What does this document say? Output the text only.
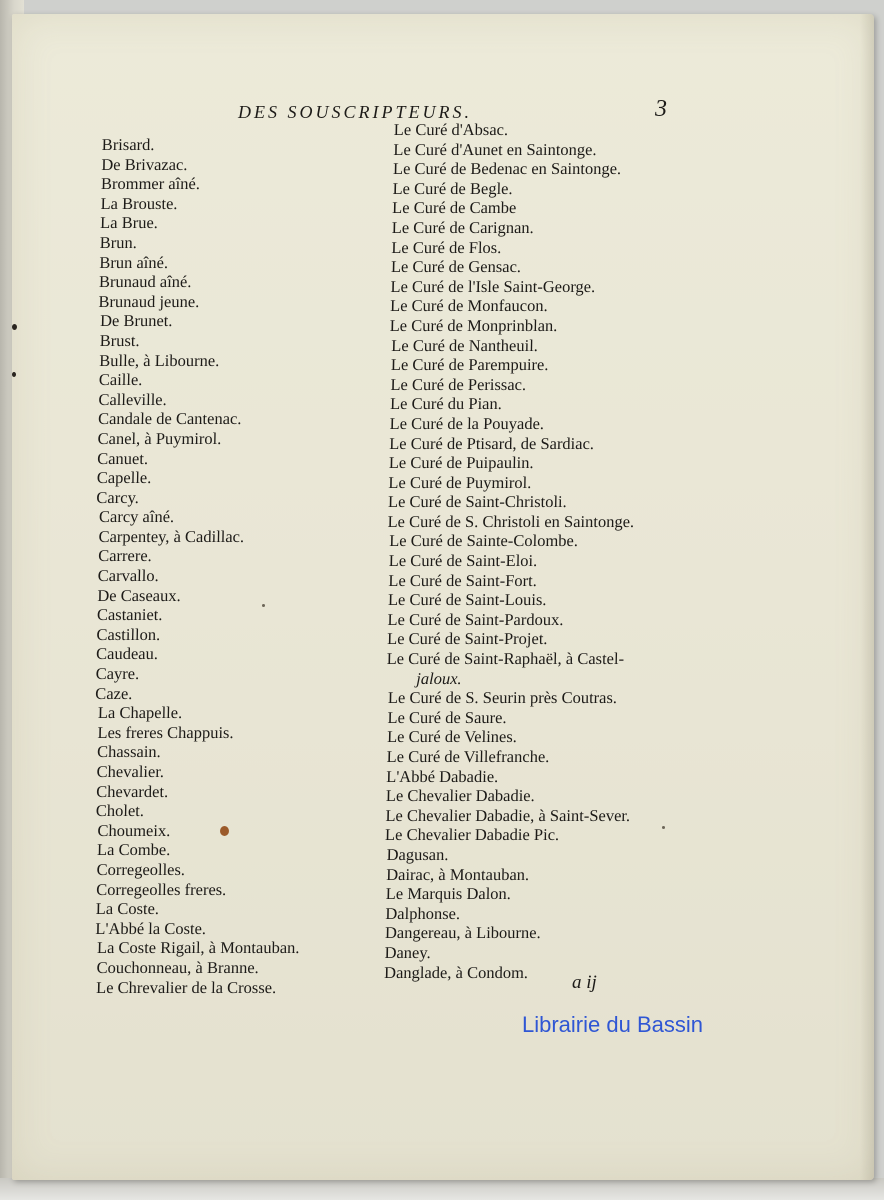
DES SOUSCRIPTEURS.	3
Brisard.
De Brivazac.
Brommer aîné.
La Brouste.
La Brue.
Brun.
Brun aîné.
Brunaud aîné.
Brunaud jeune.
De Brunet.
Brust.
Bulle, à Libourne.
Caille.
Calleville.
Candale de Cantenac.
Canel, à Puymirol.
Canuet.
Capelle.
Carcy.
Carcy aîné.
Carpentey, à Cadillac.
Carrere.
Carvallo.
De Caseaux.
Castaniet.
Castillon.
Caudeau.
Cayre.
Caze.
La Chapelle.
Les freres Chappuis.
Chassain.
Chevalier.
Chevardet.
Cholet.
Choumeix.
La Combe.
Corregeolles.
Corregeolles freres.
La Coste.
L'Abbé la Coste.
La Coste Rigail, à Montauban.
Couchonneau, à Branne.
Le Chrevalier de la Crosse.
Le Curé d'Absac.
Le Curé d'Aunet en Saintonge.
Le Curé de Bedenac en Saintonge.
Le Curé de Begle.
Le Curé de Cambe
Le Curé de Carignan.
Le Curé de Flos.
Le Curé de Gensac.
Le Curé de l'Isle Saint-George.
Le Curé de Monfaucon.
Le Curé de Monprinblan.
Le Curé de Nantheuil.
Le Curé de Parempuire.
Le Curé de Perissac.
Le Curé du Pian.
Le Curé de la Pouyade.
Le Curé de Ptisard, de Sardiac.
Le Curé de Puipaulin.
Le Curé de Puymirol.
Le Curé de Saint-Christoli.
Le Curé de S. Christoli en Saintonge.
Le Curé de Sainte-Colombe.
Le Curé de Saint-Eloi.
Le Curé de Saint-Fort.
Le Curé de Saint-Louis.
Le Curé de Saint-Pardoux.
Le Curé de Saint-Projet.
Le Curé de Saint-Raphaël, à Castel-
jaloux.
Le Curé de S. Seurin près Coutras.
Le Curé de Saure.
Le Curé de Velines.
Le Curé de Villefranche.
L'Abbé Dabadie.
Le Chevalier Dabadie.
Le Chevalier Dabadie, à Saint-Sever.
Le Chevalier Dabadie Pic.
Dagusan.
Dairac, à Montauban.
Le Marquis Dalon.
Dalphonse.
Dangereau, à Libourne.
Daney.
Danglade, à Condom.	a ij
Librairie du Bassin
